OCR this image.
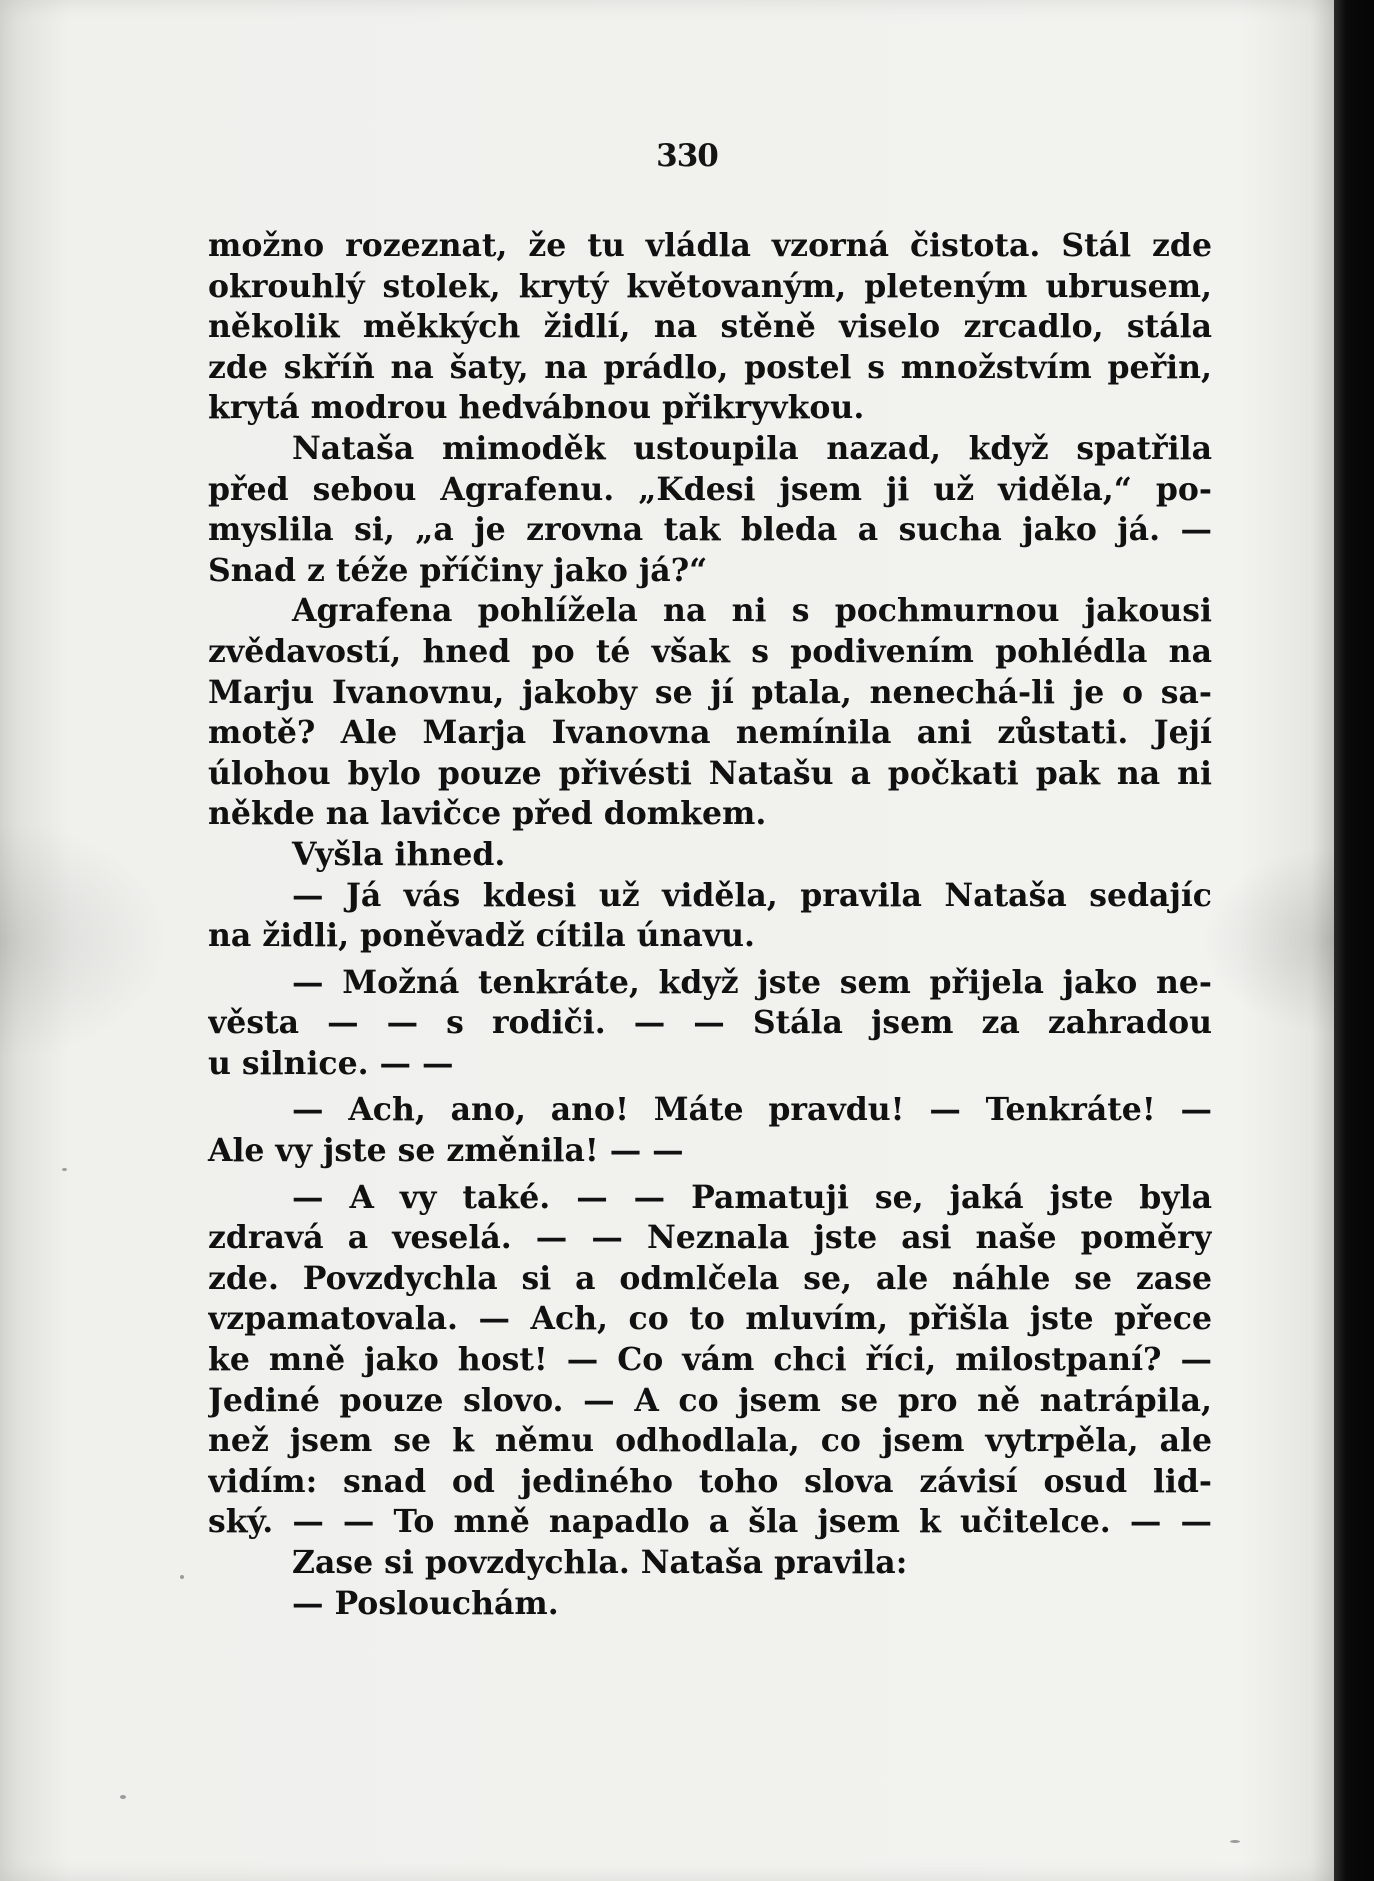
330
možno rozeznat, že tu vládla vzorná čistota. Stál zde
okrouhlý stolek, krytý květovaným, pleteným ubrusem,
několik měkkých židlí, na stěně viselo zrcadlo, stála
zde skříň na šaty, na prádlo, postel s množstvím peřin,
krytá modrou hedvábnou přikryvkou.
Nataša mimoděk ustoupila nazad, když spatřila
před sebou Agrafenu. „Kdesi jsem ji už viděla,“ po-
myslila si, „a je zrovna tak bleda a sucha jako já. —
Snad z téže příčiny jako já?“
Agrafena pohlížela na ni s pochmurnou jakousi
zvědavostí, hned po té však s podivením pohlédla na
Marju Ivanovnu, jakoby se jí ptala, nenechá-li je o sa-
motě? Ale Marja Ivanovna nemínila ani zůstati. Její
úlohou bylo pouze přivésti Natašu a počkati pak na ni
někde na lavičce před domkem.
Vyšla ihned.
— Já vás kdesi už viděla, pravila Nataša sedajíc
na židli, poněvadž cítila únavu.
— Možná tenkráte, když jste sem přijela jako ne-
věsta — — s rodiči. — — Stála jsem za zahradou
u silnice. — —
— Ach, ano, ano! Máte pravdu! — Tenkráte! —
Ale vy jste se změnila! — —
— A vy také. — — Pamatuji se, jaká jste byla
zdravá a veselá. — — Neznala jste asi naše poměry
zde. Povzdychla si a odmlčela se, ale náhle se zase
vzpamatovala. — Ach, co to mluvím, přišla jste přece
ke mně jako host! — Co vám chci říci, milostpaní? —
Jediné pouze slovo. — A co jsem se pro ně natrápila,
než jsem se k němu odhodlala, co jsem vytrpěla, ale
vidím: snad od jediného toho slova závisí osud lid-
ský. — — To mně napadlo a šla jsem k učitelce. — —
Zase si povzdychla. Nataša pravila:
— Poslouchám.
